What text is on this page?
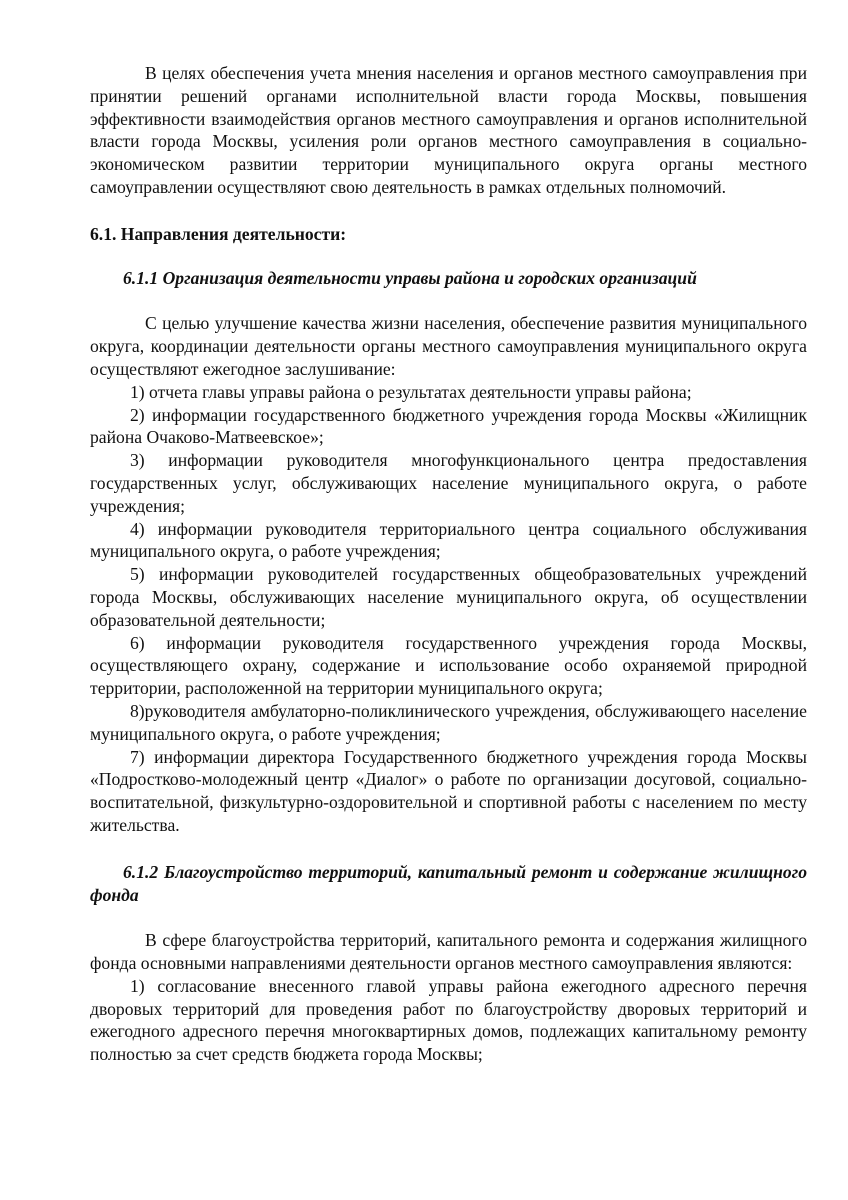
В целях обеспечения учета мнения населения и органов местного самоуправления при принятии решений органами исполнительной власти города Москвы, повышения эффективности взаимодействия органов местного самоуправления и органов исполнительной власти города Москвы, усиления роли органов местного самоуправления в социально-экономическом развитии территории муниципального округа органы местного самоуправлении осуществляют свою деятельность в рамках отдельных полномочий.

6.1. Направления деятельности:

6.1.1 Организация деятельности управы района и городских организаций

С целью улучшение качества жизни населения, обеспечение развития муниципального округа, координации деятельности органы местного самоуправления муниципального округа осуществляют ежегодное заслушивание:

1) отчета главы управы района о результатах деятельности управы района;

2) информации государственного бюджетного учреждения города Москвы «Жилищник района Очаково-Матвеевское»;

3) информации руководителя многофункционального центра предоставления государственных услуг, обслуживающих население муниципального округа, о работе учреждения;

4) информации руководителя территориального центра социального обслуживания муниципального округа, о работе учреждения;

5) информации руководителей государственных общеобразовательных учреждений города Москвы, обслуживающих население муниципального округа, об осуществлении образовательной деятельности;

6) информации руководителя государственного учреждения города Москвы, осуществляющего охрану, содержание и использование особо охраняемой природной территории, расположенной на территории муниципального округа;

8)руководителя амбулаторно-поликлинического учреждения, обслуживающего население муниципального округа, о работе учреждения;

7) информации директора Государственного бюджетного учреждения города Москвы «Подростково-молодежный центр «Диалог» о работе по организации досуговой, социально-воспитательной, физкультурно-оздоровительной и спортивной работы с населением по месту жительства.

6.1.2 Благоустройство территорий, капитальный ремонт и содержание жилищного фонда

В сфере благоустройства территорий, капитального ремонта и содержания жилищного фонда основными направлениями деятельности органов местного самоуправления являются:

1) согласование внесенного главой управы района ежегодного адресного перечня дворовых территорий для проведения работ по благоустройству дворовых территорий и ежегодного адресного перечня многоквартирных домов, подлежащих капитальному ремонту полностью за счет средств бюджета города Москвы;
